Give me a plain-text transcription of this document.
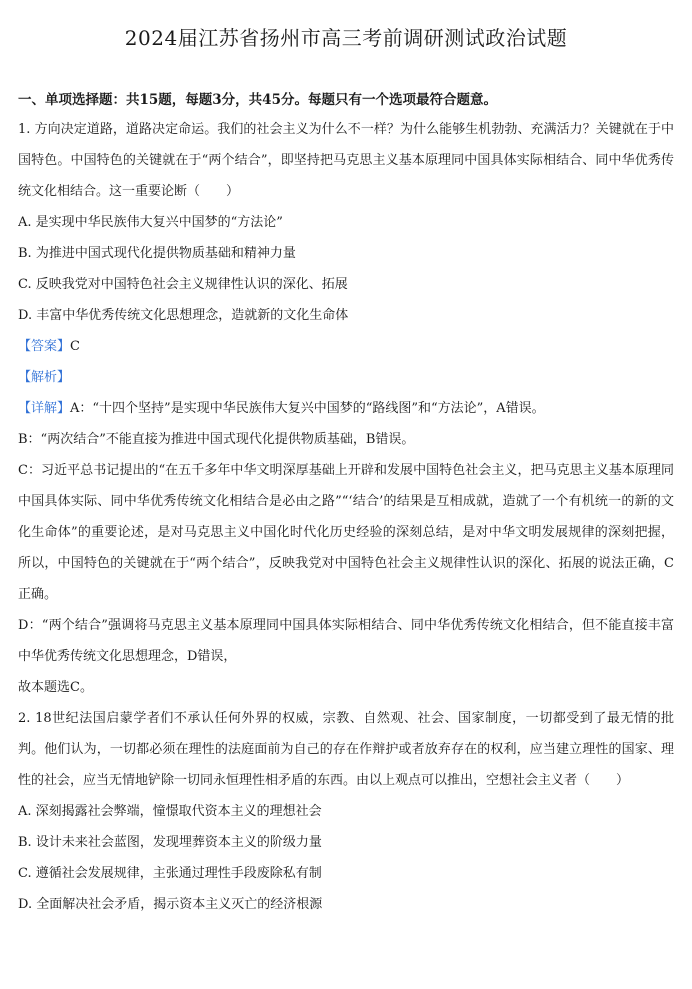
2024届江苏省扬州市高三考前调研测试政治试题
一、单项选择题：共15题，每题3分，共45分。每题只有一个选项最符合题意。

1. 方向决定道路，道路决定命运。我们的社会主义为什么不一样？为什么能够生机勃勃、充满活力？关键就在于中国特色。中国特色的关键就在于“两个结合”，即坚持把马克思主义基本原理同中国具体实际相结合、同中华优秀传统文化相结合。这一重要论断（　　）

A. 是实现中华民族伟大复兴中国梦的“方法论”

B. 为推进中国式现代化提供物质基础和精神力量

C. 反映我党对中国特色社会主义规律性认识的深化、拓展

D. 丰富中华优秀传统文化思想理念，造就新的文化生命体

【答案】C

【解析】

【详解】A：“十四个坚持”是实现中华民族伟大复兴中国梦的“路线图”和“方法论”，A错误。

B：“两次结合”不能直接为推进中国式现代化提供物质基础，B错误。

C：习近平总书记提出的“在五千多年中华文明深厚基础上开辟和发展中国特色社会主义，把马克思主义基本原理同中国具体实际、同中华优秀传统文化相结合是必由之路”“‘结合’的结果是互相成就，造就了一个有机统一的新的文化生命体”的重要论述，是对马克思主义中国化时代化历史经验的深刻总结，是对中华文明发展规律的深刻把握，所以，中国特色的关键就在于“两个结合”，反映我党对中国特色社会主义规律性认识的深化、拓展的说法正确，C正确。

D：“两个结合”强调将马克思主义基本原理同中国具体实际相结合、同中华优秀传统文化相结合，但不能直接丰富中华优秀传统文化思想理念，D错误，

故本题选C。

2. 18世纪法国启蒙学者们不承认任何外界的权威，宗教、自然观、社会、国家制度，一切都受到了最无情的批判。他们认为，一切都必须在理性的法庭面前为自己的存在作辩护或者放弃存在的权利，应当建立理性的国家、理性的社会，应当无情地铲除一切同永恒理性相矛盾的东西。由以上观点可以推出，空想社会主义者（　　）

A. 深刻揭露社会弊端，憧憬取代资本主义的理想社会

B. 设计未来社会蓝图，发现埋葬资本主义的阶级力量

C. 遵循社会发展规律，主张通过理性手段废除私有制

D. 全面解决社会矛盾，揭示资本主义灭亡的经济根源
